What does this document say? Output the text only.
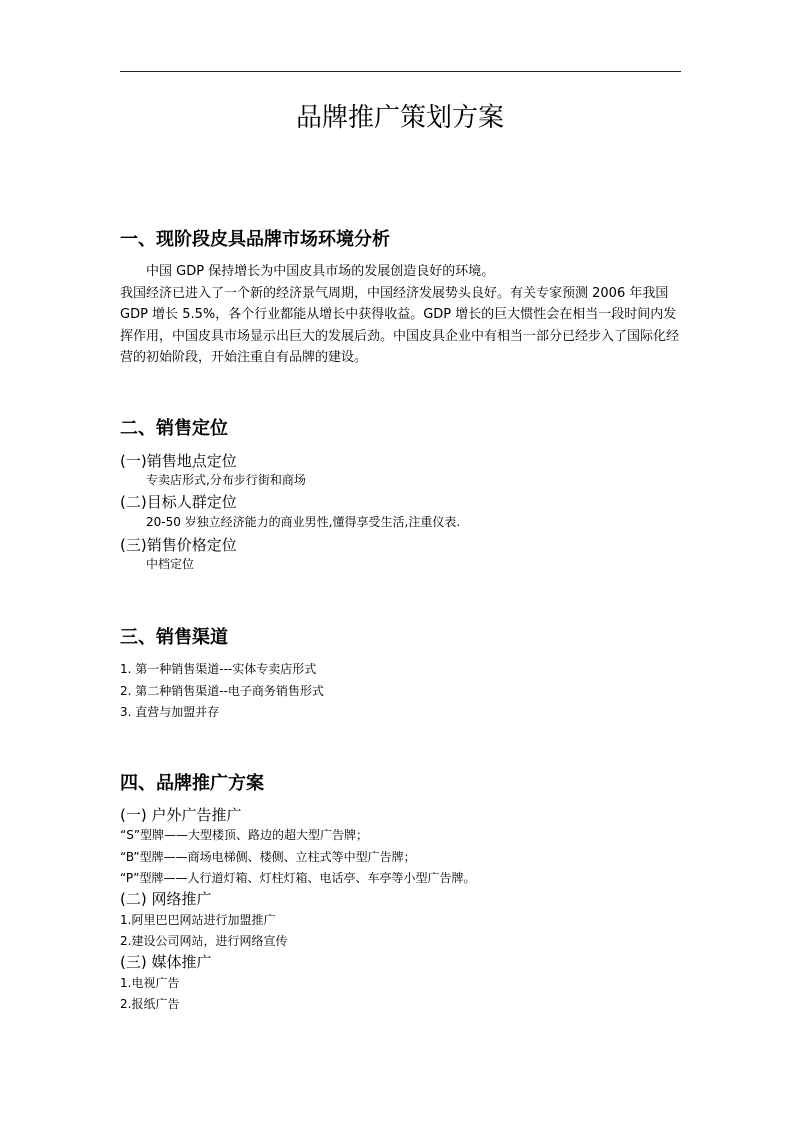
品牌推广策划方案
一、现阶段皮具品牌市场环境分析

中国 GDP 保持增长为中国皮具市场的发展创造良好的环境。
我国经济已进入了一个新的经济景气周期，中国经济发展势头良好。有关专家预测 2006 年我国 GDP 增长 5.5%，各个行业都能从增长中获得收益。GDP 增长的巨大惯性会在相当一段时间内发挥作用，中国皮具市场显示出巨大的发展后劲。中国皮具企业中有相当一部分已经步入了国际化经营的初始阶段，开始注重自有品牌的建设。

二、销售定位
(一)销售地点定位
专卖店形式,分布步行街和商场
(二)目标人群定位
20-50 岁独立经济能力的商业男性,懂得享受生活,注重仪表.
(三)销售价格定位
中档定位
三、销售渠道
1. 第一种销售渠道---实体专卖店形式
2. 第二种销售渠道--电子商务销售形式
3. 直营与加盟并存
四、品牌推广方案
(一) 户外广告推广
“S”型牌——大型楼顶、路边的超大型广告牌；
“B”型牌——商场电梯侧、楼侧、立柱式等中型广告牌；
“P”型牌——人行道灯箱、灯柱灯箱、电话亭、车亭等小型广告牌。
(二) 网络推广
1.阿里巴巴网站进行加盟推广
2.建设公司网站，进行网络宣传
(三) 媒体推广
1.电视广告
2.报纸广告
